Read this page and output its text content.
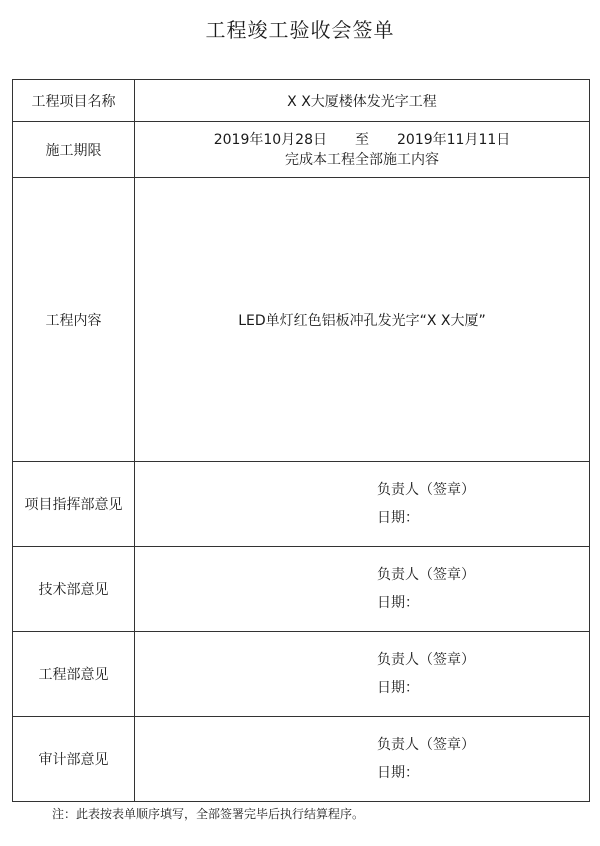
工程竣工验收会签单
工程项目名称	X X大厦楼体发光字工程
施工期限	2019年10月28日 至 2019年11月11日
完成本工程全部施工内容

工程内容	LED单灯红色铝板冲孔发光字“X X大厦”
项目指挥部意见	负责人（签章）
日期：

技术部意见	负责人（签章）
日期：

工程部意见	负责人（签章）
日期：

审计部意见	负责人（签章）
日期：
注：此表按表单顺序填写，全部签署完毕后执行结算程序。
